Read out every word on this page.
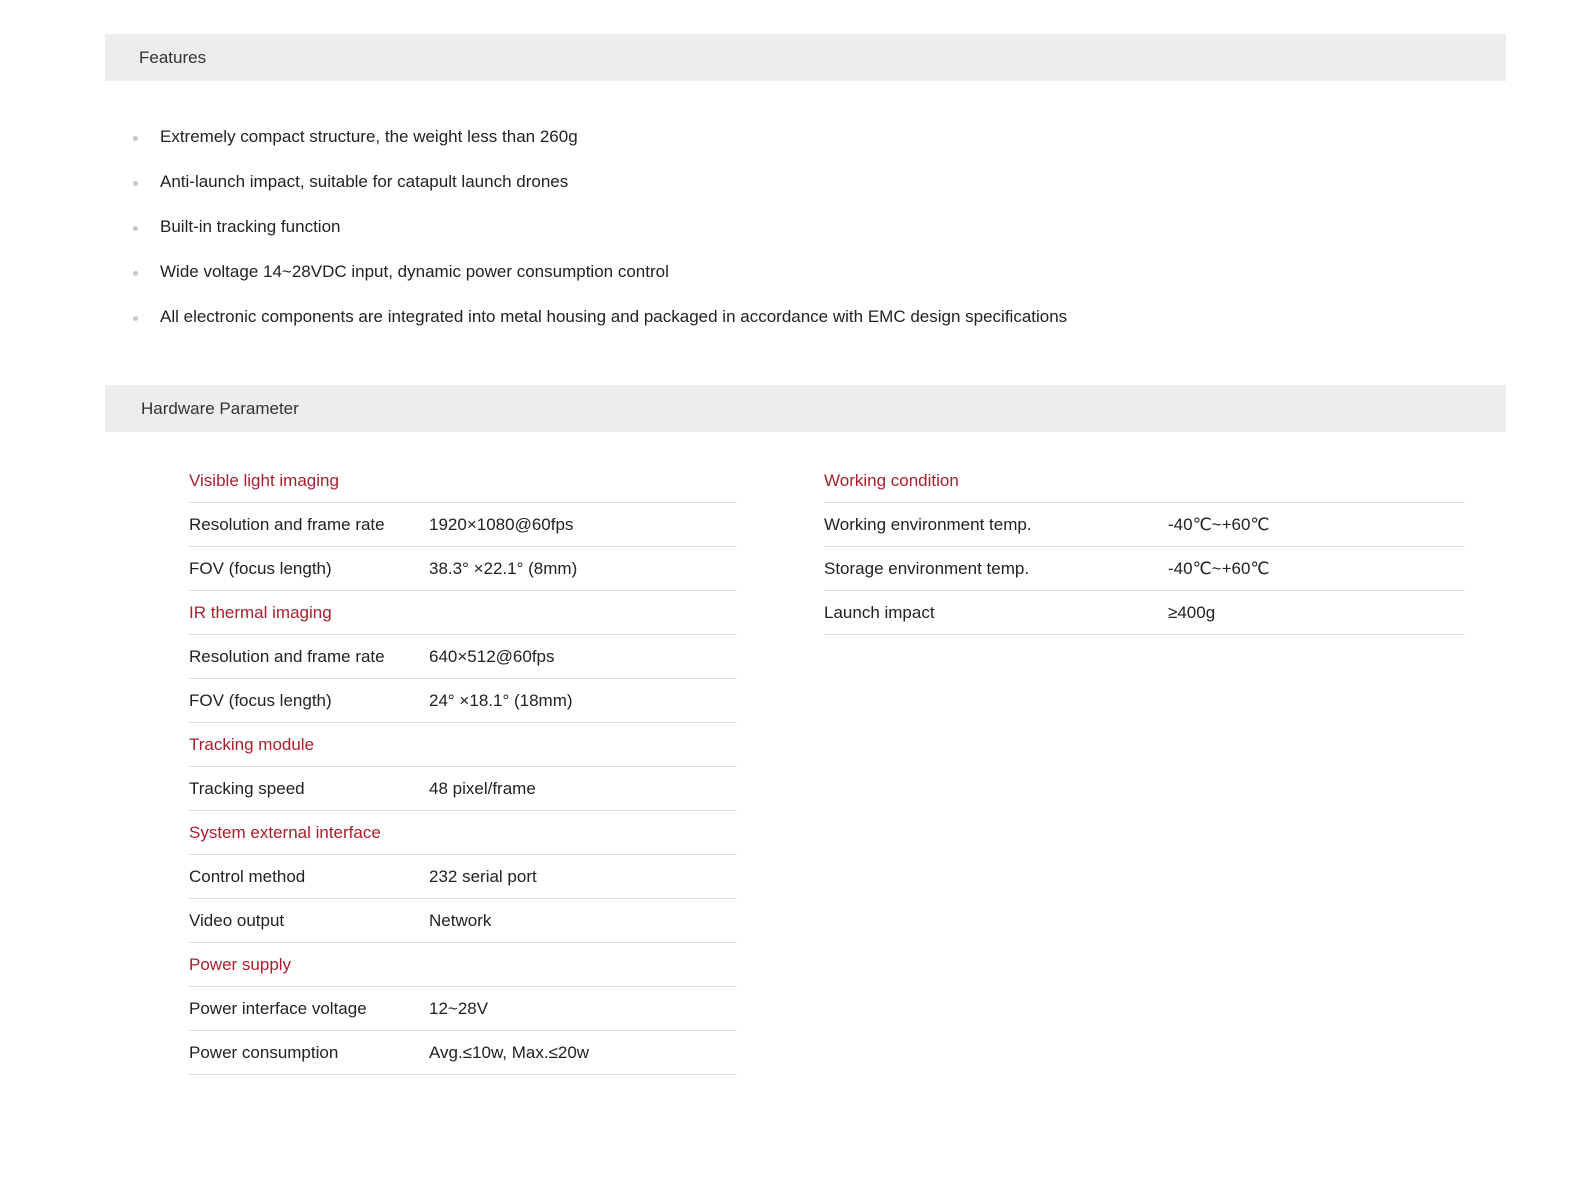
Features
Extremely compact structure, the weight less than 260g
Anti-launch impact, suitable for catapult launch drones
Built-in tracking function
Wide voltage 14~28VDC input, dynamic power consumption control
All electronic components are integrated into metal housing and packaged in accordance with EMC design specifications
Hardware Parameter
Visible light imaging
Resolution and frame rate	1920×1080@60fps
FOV (focus length)	38.3° ×22.1° (8mm)
IR thermal imaging
Resolution and frame rate	640×512@60fps
FOV (focus length)	24° ×18.1° (18mm)
Tracking module
Tracking speed	48 pixel/frame
System external interface
Control method	232 serial port
Video output	Network
Power supply
Power interface voltage	12~28V
Power consumption	Avg.≤10w, Max.≤20w
Working condition
Working environment temp.	-40℃~+60℃
Storage environment temp.	-40℃~+60℃
Launch impact	≥400g
